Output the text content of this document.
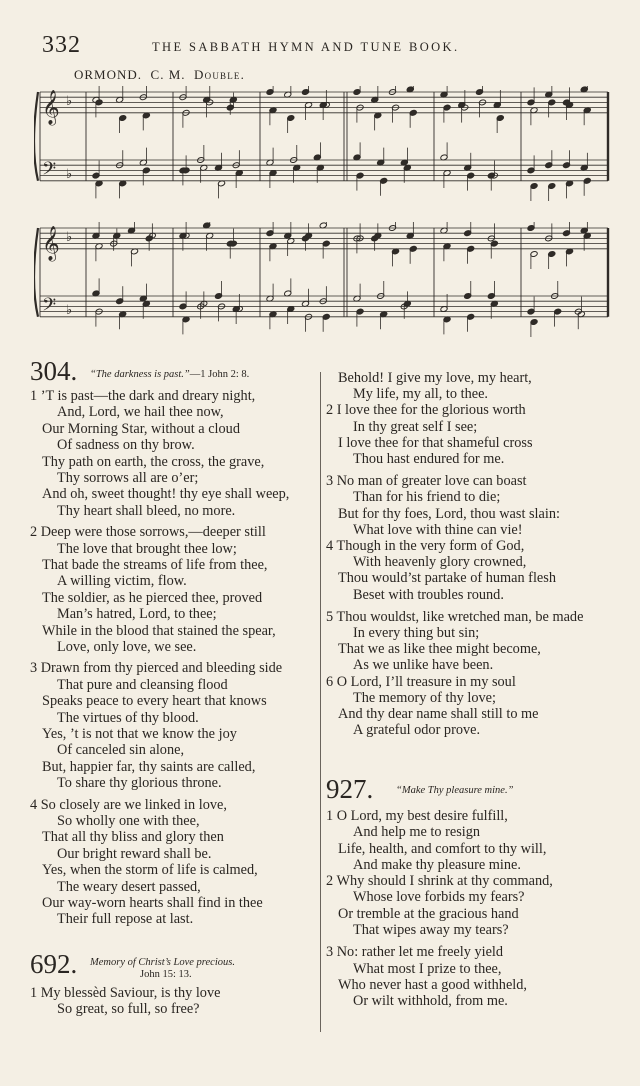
332	THE SABBATH HYMN AND TUNE BOOK.
ORMOND. C. M. Double.
𝄞 ♭
𝄢 ♭
𝄞 ♭
𝄢 ♭
304. “The darkness is past.”—1 John 2: 8.
1 ’T is past—the dark and dreary night,
And, Lord, we hail thee now,
Our Morning Star, without a cloud
Of sadness on thy brow.
Thy path on earth, the cross, the grave,
Thy sorrows all are o’er;
And oh, sweet thought! thy eye shall weep,
Thy heart shall bleed, no more.
2 Deep were those sorrows,—deeper still
The love that brought thee low;
That bade the streams of life from thee,
A willing victim, flow.
The soldier, as he pierced thee, proved
Man’s hatred, Lord, to thee;
While in the blood that stained the spear,
Love, only love, we see.
3 Drawn from thy pierced and bleeding side
That pure and cleansing flood
Speaks peace to every heart that knows
The virtues of thy blood.
Yes, ’t is not that we know the joy
Of canceled sin alone,
But, happier far, thy saints are called,
To share thy glorious throne.
4 So closely are we linked in love,
So wholly one with thee,
That all thy bliss and glory then
Our bright reward shall be.
Yes, when the storm of life is calmed,
The weary desert passed,
Our way-worn hearts shall find in thee
Their full repose at last.
692. Memory of Christ’s Love precious.
John 15: 13.
1 My blessèd Saviour, is thy love
So great, so full, so free?
Behold! I give my love, my heart,
My life, my all, to thee.
2 I love thee for the glorious worth
In thy great self I see;
I love thee for that shameful cross
Thou hast endured for me.
3 No man of greater love can boast
Than for his friend to die;
But for thy foes, Lord, thou wast slain:
What love with thine can vie!
4 Though in the very form of God,
With heavenly glory crowned,
Thou would’st partake of human flesh
Beset with troubles round.
5 Thou wouldst, like wretched man, be made
In every thing but sin;
That we as like thee might become,
As we unlike have been.
6 O Lord, I’ll treasure in my soul
The memory of thy love;
And thy dear name shall still to me
A grateful odor prove.
927. “Make Thy pleasure mine.”
1 O Lord, my best desire fulfill,
And help me to resign
Life, health, and comfort to thy will,
And make thy pleasure mine.
2 Why should I shrink at thy command,
Whose love forbids my fears?
Or tremble at the gracious hand
That wipes away my tears?
3 No: rather let me freely yield
What most I prize to thee,
Who never hast a good withheld,
Or wilt withhold, from me.
